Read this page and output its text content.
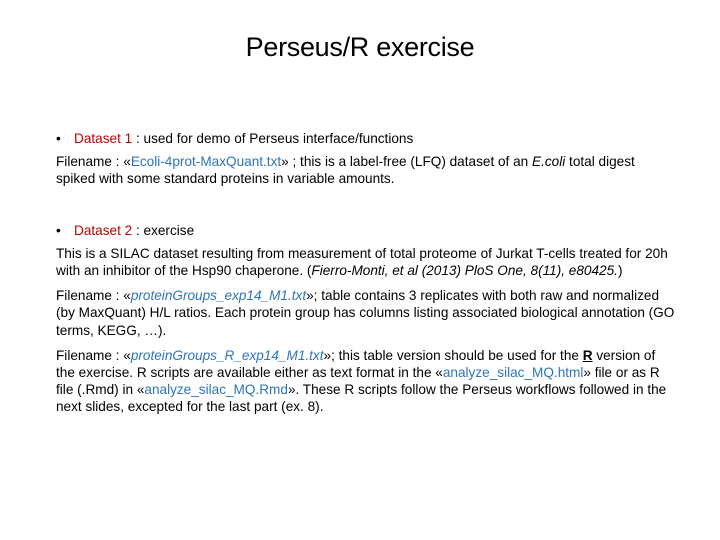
Perseus/R exercise

• Dataset 1 : used for demo of Perseus interface/functions

Filename : «Ecoli-4prot-MaxQuant.txt» ; this is a label-free (LFQ) dataset of an E.coli total digest spiked with some standard proteins in variable amounts.

• Dataset 2 : exercise

This is a SILAC dataset resulting from measurement of total proteome of Jurkat T-cells treated for 20h with an inhibitor of the Hsp90 chaperone. (Fierro-Monti, et al (2013) PloS One, 8(11), e80425.)

Filename : «proteinGroups_exp14_M1.txt»; table contains 3 replicates with both raw and normalized (by MaxQuant) H/L ratios. Each protein group has columns listing associated biological annotation (GO terms, KEGG, …).

Filename : «proteinGroups_R_exp14_M1.txt»; this table version should be used for the R version of the exercise. R scripts are available either as text format in the «analyze_silac_MQ.html» file or as R file (.Rmd) in «analyze_silac_MQ.Rmd». These R scripts follow the Perseus workflows followed in the next slides, excepted for the last part (ex. 8).
